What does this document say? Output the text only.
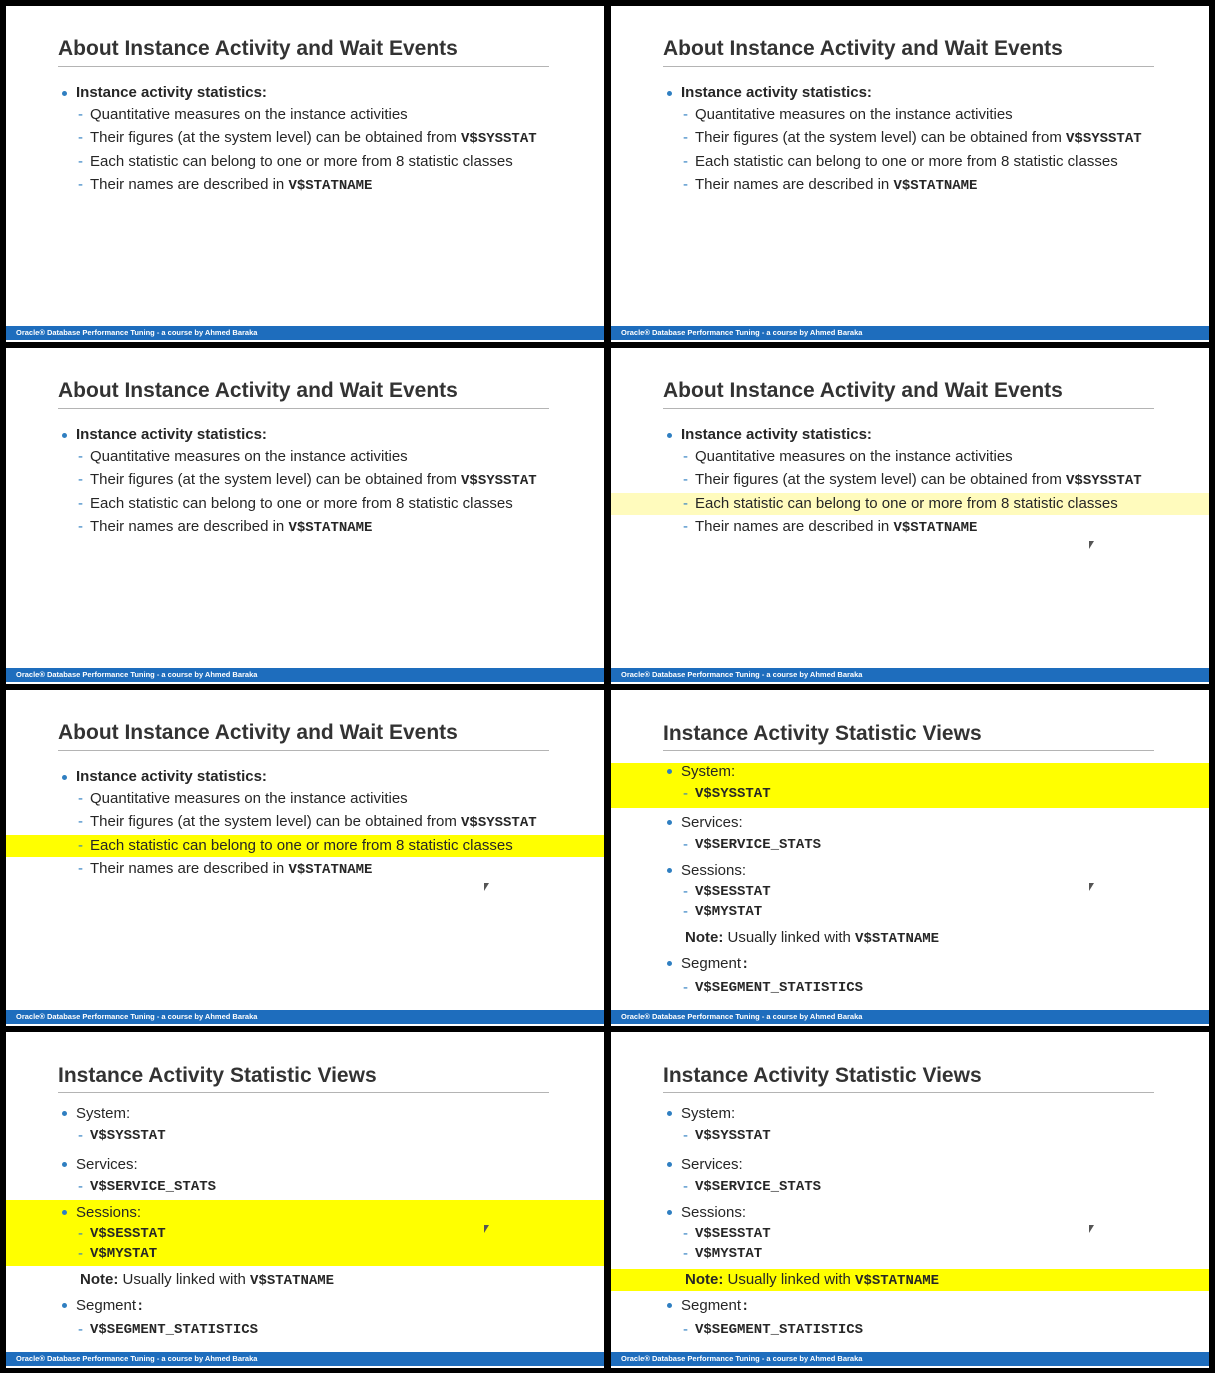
About Instance Activity and Wait Events
Instance activity statistics:
- Quantitative measures on the instance activities
- Their figures (at the system level) can be obtained from V$SYSSTAT
- Each statistic can belong to one or more from 8 statistic classes
- Their names are described in V$STATNAME
Oracle® Database Performance Tuning - a course by Ahmed Baraka
About Instance Activity and Wait Events
Instance activity statistics:
- Quantitative measures on the instance activities
- Their figures (at the system level) can be obtained from V$SYSSTAT
- Each statistic can belong to one or more from 8 statistic classes
- Their names are described in V$STATNAME
Oracle® Database Performance Tuning - a course by Ahmed Baraka
About Instance Activity and Wait Events
Instance activity statistics:
- Quantitative measures on the instance activities
- Their figures (at the system level) can be obtained from V$SYSSTAT
- Each statistic can belong to one or more from 8 statistic classes
- Their names are described in V$STATNAME
Oracle® Database Performance Tuning - a course by Ahmed Baraka
About Instance Activity and Wait Events
Instance activity statistics:
- Quantitative measures on the instance activities
- Their figures (at the system level) can be obtained from V$SYSSTAT
- Each statistic can belong to one or more from 8 statistic classes
- Their names are described in V$STATNAME
Oracle® Database Performance Tuning - a course by Ahmed Baraka
About Instance Activity and Wait Events
Instance activity statistics:
- Quantitative measures on the instance activities
- Their figures (at the system level) can be obtained from V$SYSSTAT
- Each statistic can belong to one or more from 8 statistic classes
- Their names are described in V$STATNAME
Oracle® Database Performance Tuning - a course by Ahmed Baraka
Instance Activity Statistic Views
System:
- V$SYSSTAT
Services:
- V$SERVICE_STATS
Sessions:
- V$SESSTAT
- V$MYSTAT
Note: Usually linked with V$STATNAME
Segment:
- V$SEGMENT_STATISTICS
Oracle® Database Performance Tuning - a course by Ahmed Baraka
Instance Activity Statistic Views
System:
- V$SYSSTAT
Services:
- V$SERVICE_STATS
Sessions:
- V$SESSTAT
- V$MYSTAT
Note: Usually linked with V$STATNAME
Segment:
- V$SEGMENT_STATISTICS
Oracle® Database Performance Tuning - a course by Ahmed Baraka
Instance Activity Statistic Views
System:
- V$SYSSTAT
Services:
- V$SERVICE_STATS
Sessions:
- V$SESSTAT
- V$MYSTAT
Note: Usually linked with V$STATNAME
Segment:
- V$SEGMENT_STATISTICS
Oracle® Database Performance Tuning - a course by Ahmed Baraka
